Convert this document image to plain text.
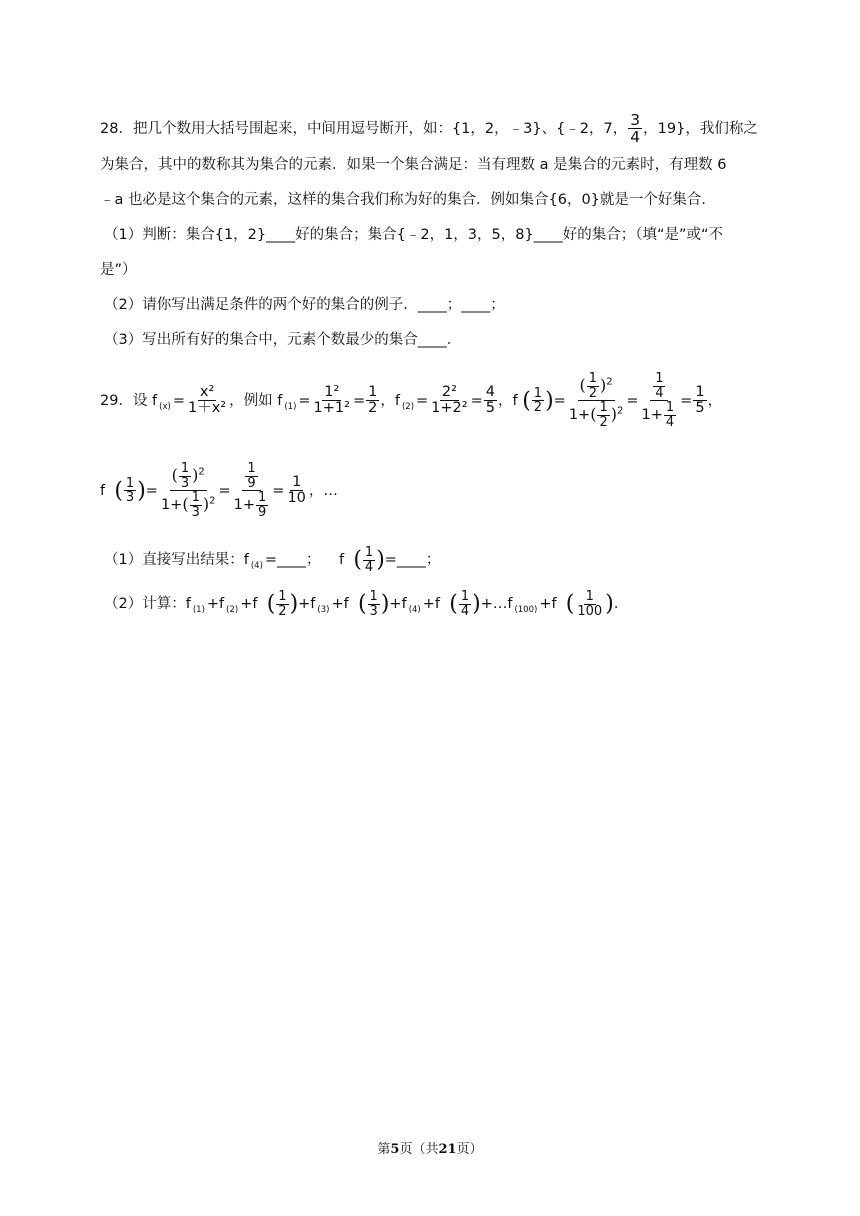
28．把几个数用大括号围起来，中间用逗号断开，如：{1，2，﹣3}、{﹣2，7， $\frac{3}{4}$ ，19}，我们称之
为集合，其中的数称其为集合的元素．如果一个集合满足：当有理数 a 是集合的元素时，有理数 6
﹣a 也必是这个集合的元素，这样的集合我们称为好的集合．例如集合{6，0}就是一个好集合．
（1）判断：集合{1，2}____好的集合；集合{﹣2，1，3，5，8}____好的集合；（填“是”或“不
是”）
（2）请你写出满足条件的两个好的集合的例子．____；____；
（3）写出所有好的集合中，元素个数最少的集合____．
29．设 f $_{(x)} = \frac{\text{x²}}{\text{1＋x²}}$ ，例如 f $_{(1)} = \frac{\text{1²}}{\text{1+1²}} = \frac{1}{2}$ ，f $_{(2)} = \frac{\text{2²}}{\text{1+2²}} = \frac{4}{5}$ ，f ( $\frac{1}{2}$ )= $\frac{( \frac{1}{2} )^2}{1+( \frac{1}{2} )^2} = \frac{\frac{1}{4}}{1+ \frac{1}{4}} = \frac{1}{5}$ ，
f ( $\frac{1}{3}$ )= $\frac{( \frac{1}{3} )^2}{1+( \frac{1}{3} )^2} = \frac{\frac{1}{9}}{1+ \frac{1}{9}} = \frac{1}{10}$ ，…
（1）直接写出结果：f $_{(4)}$ =____； f ( $\frac{1}{4}$ )=____；
（2）计算：f $_{(1)}$ +f $_{(2)}$ +f ( $\frac{1}{2} )+f$ $_{(3)}$ +f ( $\frac{1}{3} )+f$ $_{(4)}$ +f ( $\frac{1}{4}$ )+…f $_{(100)}$ +f ( $\frac{1}{100}$ )．
第5页（共21页）
